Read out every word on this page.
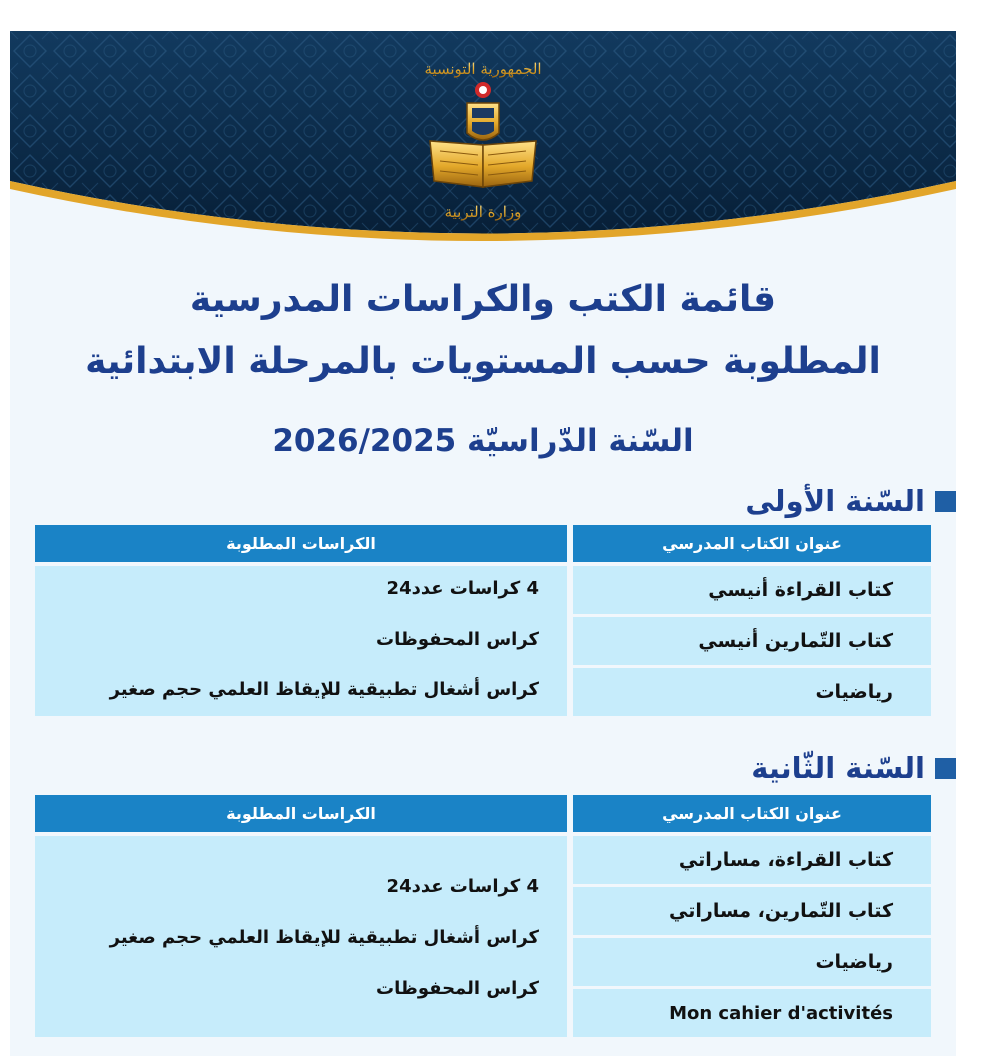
الجمهورية التونسية
وزارة التربية
قائمة الكتب والكراسات المدرسية
المطلوبة حسب المستويات بالمرحلة الابتدائية
السّنة الدّراسيّة 2026/2025
السّنة الأولى
عنوان الكتاب المدرسي
الكراسات المطلوبة
كتاب القراءة أنيسي
كتاب التّمارين أنيسي
رياضيات
4 كراسات عدد24
كراس المحفوظات
كراس أشغال تطبيقية للإيقاظ العلمي حجم صغير
السّنة الثّانية
عنوان الكتاب المدرسي
الكراسات المطلوبة
كتاب القراءة، مساراتي
كتاب التّمارين، مساراتي
رياضيات
Mon cahier d'activités
4 كراسات عدد24
كراس أشغال تطبيقية للإيقاظ العلمي حجم صغير
كراس المحفوظات
